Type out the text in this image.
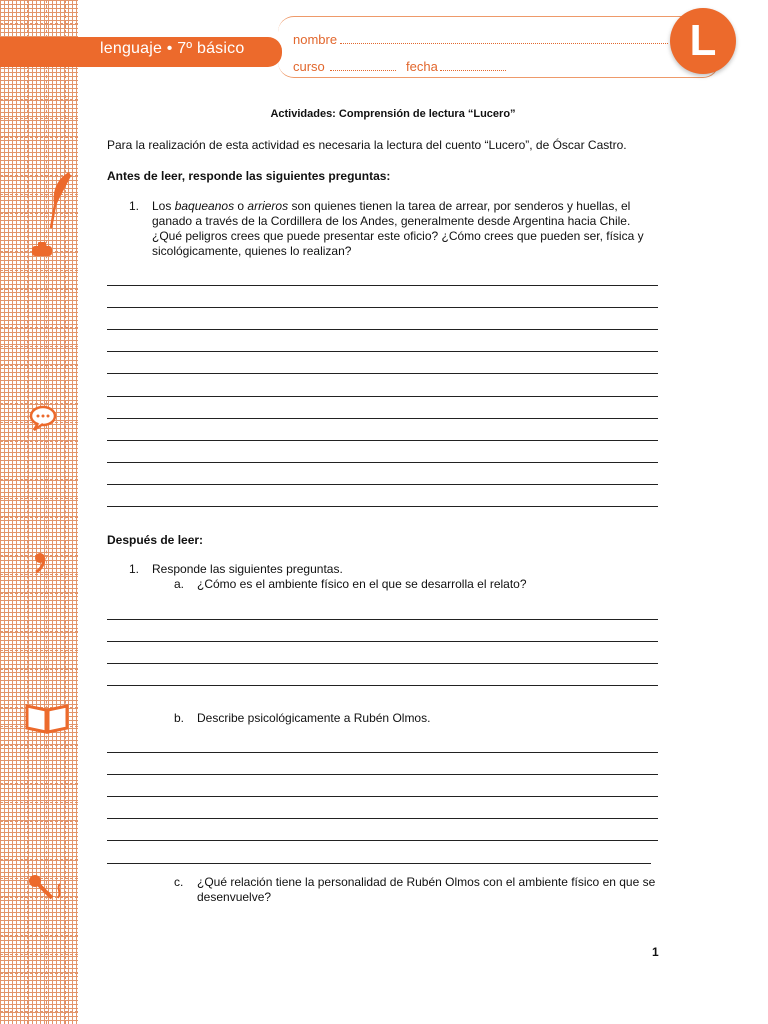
lenguaje • 7º básico
nombre
curso	fecha
L
Actividades: Comprensión de lectura “Lucero”
Para la realización de esta actividad es necesaria la lectura del cuento “Lucero”, de Óscar Castro.
Antes de leer, responde las siguientes preguntas:
1. Los baqueanos o arrieros son quienes tienen la tarea de arrear, por senderos y huellas, el ganado a través de la Cordillera de los Andes, generalmente desde Argentina hacia Chile. ¿Qué peligros crees que puede presentar este oficio? ¿Cómo crees que pueden ser, física y sicológicamente, quienes lo realizan?
Después de leer:
1. Responde las siguientes preguntas.
a. ¿Cómo es el ambiente físico en el que se desarrolla el relato?
b. Describe psicológicamente a Rubén Olmos.
c. ¿Qué relación tiene la personalidad de Rubén Olmos con el ambiente físico en que se desenvuelve?
1
